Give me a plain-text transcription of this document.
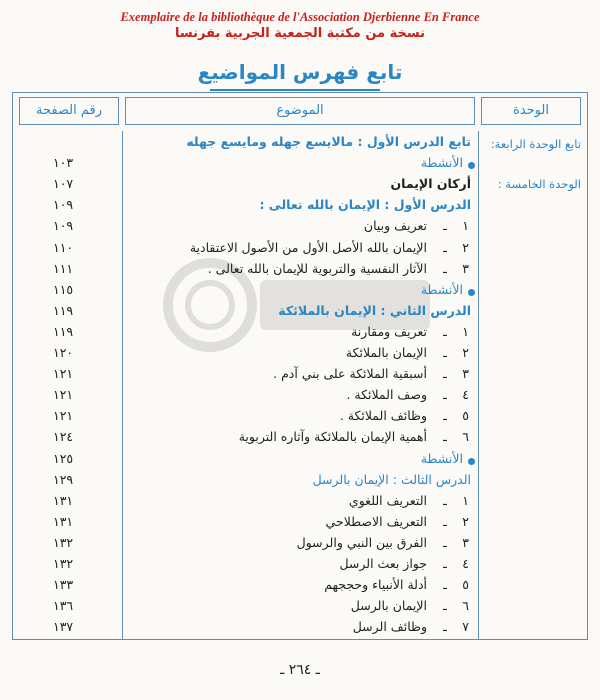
Exemplaire de la bibliothèque de l'Association Djerbienne En France
نسخة من مكتبة الجمعية الجربية بفرنسا
تابع فهرس المواضيع
الوحدة
الموضوع
رقم الصفحة
تابع الوحدة الرابعة:
الوحدة الخامسة :
تابع الدرس الأول : مالايسع جهله ومايسع جهله
الأنشطة
١٠٣
أركان الإيمان
١٠٧
الدرس الأول : الإيمان بالله تعالى :
١٠٩
١
ـ
تعريف وبيان
١٠٩
٢
ـ
الإيمان بالله الأصل الأول من الأصول الاعتقادية
١١٠
٣
ـ
الآثار النفسية والتربوية للإيمان بالله تعالى .
١١١
الأنشطة
١١٥
الدرس الثاني : الإيمان بالملائكة
١١٩
١
ـ
تعريف ومقارنة
١١٩
٢
ـ
الإيمان بالملائكة
١٢٠
٣
ـ
أسبقية الملائكة على بني آدم .
١٢١
٤
ـ
وصف الملائكة .
١٢١
٥
ـ
وظائف الملائكة .
١٢١
٦
ـ
أهمية الإيمان بالملائكة وآثاره التربوية
١٢٤
الأنشطة
١٢٥
الدرس الثالث : الإيمان بالرسل
١٢٩
١
ـ
التعريف اللغوي
١٣١
٢
ـ
التعريف الاصطلاحي
١٣١
٣
ـ
الفرق بين النبي والرسول
١٣٢
٤
ـ
جواز بعث الرسل
١٣٢
٥
ـ
أدلة الأنبياء وحججهم
١٣٣
٦
ـ
الإيمان بالرسل
١٣٦
٧
ـ
وظائف الرسل
١٣٧
ـ ٢٦٤ ـ
